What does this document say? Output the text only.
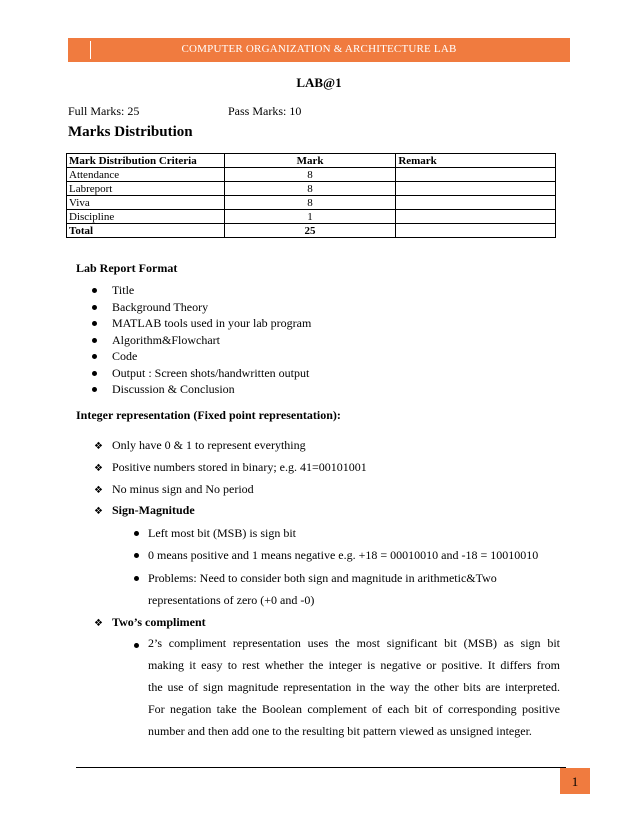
COMPUTER ORGANIZATION & ARCHITECTURE LAB
LAB@1
Full Marks: 25	Pass Marks: 10
Marks Distribution
Mark Distribution Criteria	Mark	Remark
Attendance	8	
Labreport	8	
Viva	8	
Discipline	1	
Total	25	
Lab Report Format
Title
Background Theory
MATLAB tools used in your lab program
Algorithm&Flowchart
Code
Output : Screen shots/handwritten output
Discussion & Conclusion
Integer representation (Fixed point representation):
❖ Only have 0 & 1 to represent everything
❖ Positive numbers stored in binary; e.g. 41=00101001
❖ No minus sign and No period
❖ Sign-Magnitude
Left most bit (MSB) is sign bit
0 means positive and 1 means negative e.g. +18 = 00010010 and -18 = 10010010
Problems: Need to consider both sign and magnitude in arithmetic&Two
representations of zero (+0 and -0)
❖ Two’s compliment
2’s compliment representation uses the most significant bit (MSB) as sign bit
making it easy to rest whether the integer is negative or positive. It differs from
the use of sign magnitude representation in the way the other bits are interpreted.
For negation take the Boolean complement of each bit of corresponding positive
number and then add one to the resulting bit pattern viewed as unsigned integer.
1
